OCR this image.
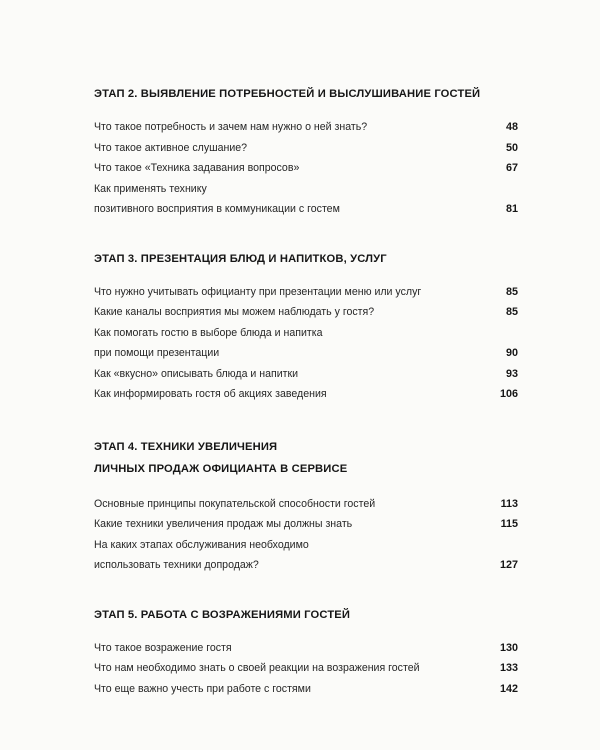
ЭТАП 2. ВЫЯВЛЕНИЕ ПОТРЕБНОСТЕЙ И ВЫСЛУШИВАНИЕ ГОСТЕЙ
Что такое потребность и зачем нам нужно о ней знать?	48
Что такое активное слушание?	50
Что такое «Техника задавания вопросов»	67
Как применять технику
позитивного восприятия в коммуникации с гостем	81
ЭТАП 3. ПРЕЗЕНТАЦИЯ БЛЮД И НАПИТКОВ, УСЛУГ
Что нужно учитывать официанту при презентации меню или услуг	85
Какие каналы восприятия мы можем наблюдать у гостя?	85
Как помогать гостю в выборе блюда и напитка
при помощи презентации	90
Как «вкусно» описывать блюда и напитки	93
Как информировать гостя об акциях заведения	106
ЭТАП 4. ТЕХНИКИ УВЕЛИЧЕНИЯ
ЛИЧНЫХ ПРОДАЖ ОФИЦИАНТА В СЕРВИСЕ
Основные принципы покупательской способности гостей	113
Какие техники увеличения продаж мы должны знать	115
На каких этапах обслуживания необходимо
использовать техники допродаж?	127
ЭТАП 5. РАБОТА С ВОЗРАЖЕНИЯМИ ГОСТЕЙ
Что такое возражение гостя	130
Что нам необходимо знать о своей реакции на возражения гостей	133
Что еще важно учесть при работе с гостями	142
